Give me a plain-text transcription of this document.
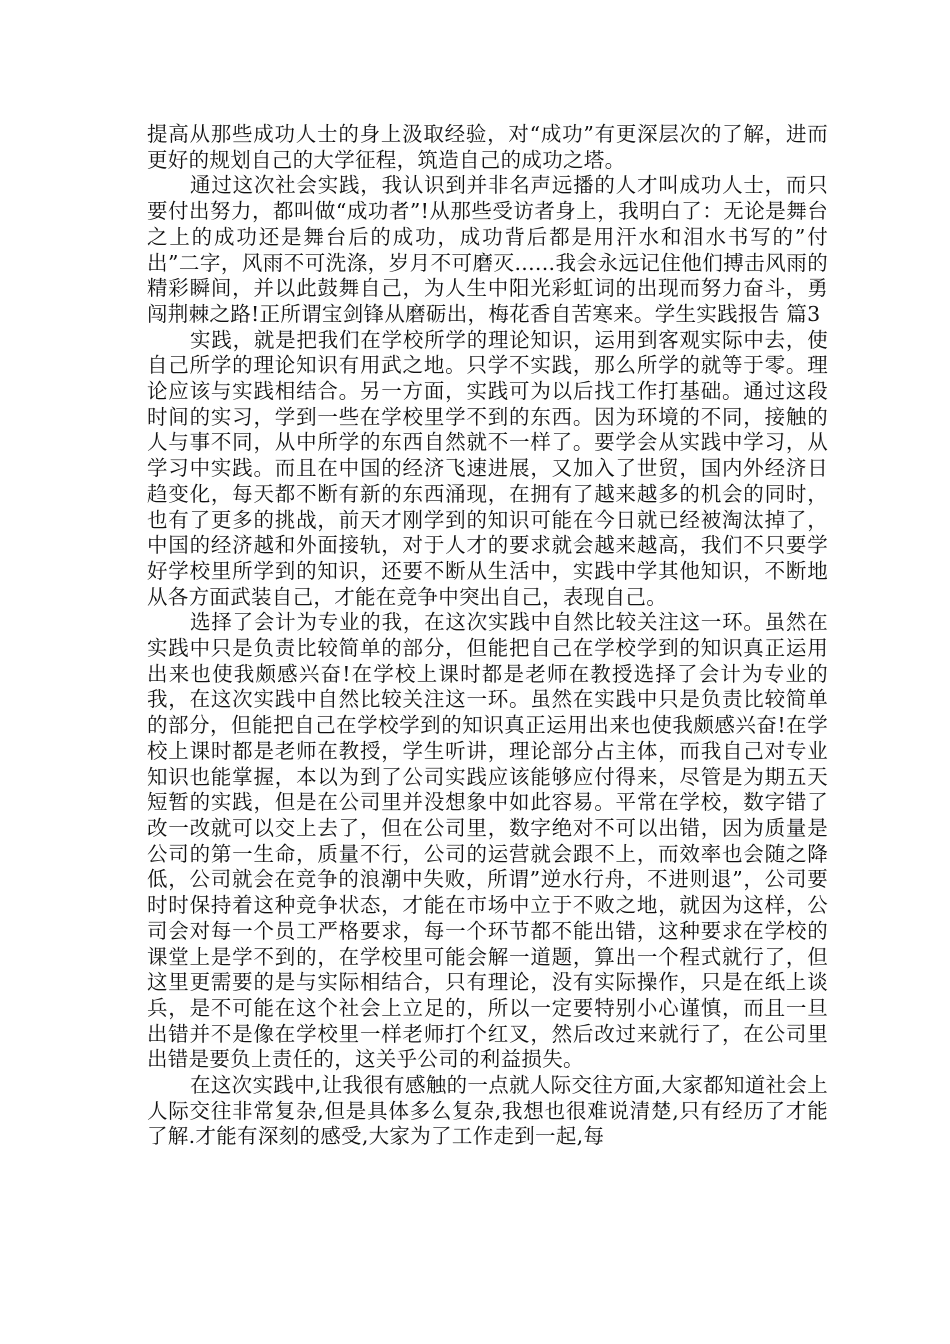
提高从那些成功人士的身上汲取经验，对“成功”有更深层次的了解，进而更好的规划自己的大学征程，筑造自己的成功之塔。

通过这次社会实践，我认识到并非名声远播的人才叫成功人士，而只要付出努力，都叫做“成功者”!从那些受访者身上，我明白了：无论是舞台之上的成功还是舞台后的成功，成功背后都是用汗水和泪水书写的”付出”二字，风雨不可洗涤，岁月不可磨灭......我会永远记住他们搏击风雨的精彩瞬间，并以此鼓舞自己，为人生中阳光彩虹词的出现而努力奋斗，勇闯荆棘之路!正所谓宝剑锋从磨砺出，梅花香自苦寒来。学生实践报告 篇3

实践，就是把我们在学校所学的理论知识，运用到客观实际中去，使自己所学的理论知识有用武之地。只学不实践，那么所学的就等于零。理论应该与实践相结合。另一方面，实践可为以后找工作打基础。通过这段时间的实习，学到一些在学校里学不到的东西。因为环境的不同，接触的人与事不同，从中所学的东西自然就不一样了。要学会从实践中学习，从学习中实践。而且在中国的经济飞速进展，又加入了世贸，国内外经济日趋变化，每天都不断有新的东西涌现，在拥有了越来越多的机会的同时，也有了更多的挑战，前天才刚学到的知识可能在今日就已经被淘汰掉了，中国的经济越和外面接轨，对于人才的要求就会越来越高，我们不只要学好学校里所学到的知识，还要不断从生活中，实践中学其他知识，不断地从各方面武装自己，才能在竞争中突出自己，表现自己。

选择了会计为专业的我，在这次实践中自然比较关注这一环。虽然在实践中只是负责比较简单的部分，但能把自己在学校学到的知识真正运用出来也使我颇感兴奋!在学校上课时都是老师在教授选择了会计为专业的我，在这次实践中自然比较关注这一环。虽然在实践中只是负责比较简单的部分，但能把自己在学校学到的知识真正运用出来也使我颇感兴奋!在学校上课时都是老师在教授，学生听讲，理论部分占主体，而我自己对专业知识也能掌握，本以为到了公司实践应该能够应付得来，尽管是为期五天短暂的实践，但是在公司里并没想象中如此容易。平常在学校，数字错了改一改就可以交上去了，但在公司里，数字绝对不可以出错，因为质量是公司的第一生命，质量不行，公司的运营就会跟不上，而效率也会随之降低，公司就会在竞争的浪潮中失败，所谓”逆水行舟，不进则退”，公司要时时保持着这种竞争状态，才能在市场中立于不败之地，就因为这样，公司会对每一个员工严格要求，每一个环节都不能出错，这种要求在学校的课堂上是学不到的，在学校里可能会解一道题，算出一个程式就行了，但这里更需要的是与实际相结合，只有理论，没有实际操作，只是在纸上谈兵，是不可能在这个社会上立足的，所以一定要特别小心谨慎，而且一旦出错并不是像在学校里一样老师打个红叉，然后改过来就行了，在公司里出错是要负上责任的，这关乎公司的利益损失。

在这次实践中,让我很有感触的一点就人际交往方面,大家都知道社会上人际交往非常复杂,但是具体多么复杂,我想也很难说清楚,只有经历了才能了解.才能有深刻的感受,大家为了工作走到一起,每
